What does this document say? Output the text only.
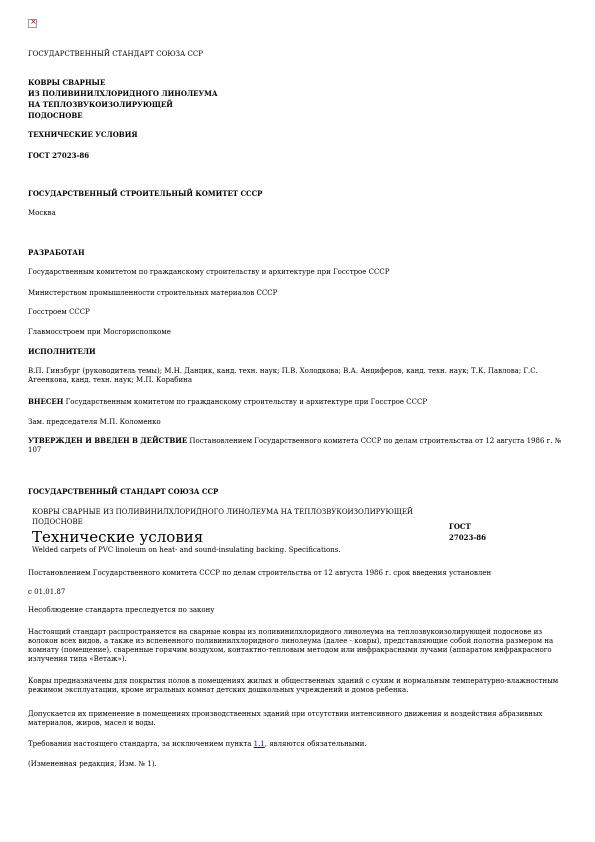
×
ГОСУДАРСТВЕННЫЙ СТАНДАРТ СОЮЗА ССР
КОВРЫ СВАРНЫЕ
ИЗ ПОЛИВИНИЛХЛОРИДНОГО ЛИНОЛЕУМА
НА ТЕПЛОЗВУКОИЗОЛИРУЮЩЕЙ
ПОДОСНОВЕ
ТЕХНИЧЕСКИЕ УСЛОВИЯ
ГОСТ 27023-86
ГОСУДАРСТВЕННЫЙ СТРОИТЕЛЬНЫЙ КОМИТЕТ СССР
Москва
РАЗРАБОТАН
Государственным комитетом по гражданскому строительству и архитектуре при Госстрое СССР
Министерством промышленности строительных материалов СССР
Госстроем СССР
Главмосстроем при Мосгорисполкоме
ИСПОЛНИТЕЛИ
В.П. Гинзбург (руководитель темы); М.Н. Данцик, канд. техн. наук; П.В. Холодкова; В.А. Анциферов, канд. техн. наук; Т.К. Павлова; Г.С. Агеенкова, канд. техн. наук; М.П. Корабина
ВНЕСЕН Государственным комитетом по гражданскому строительству и архитектуре при Госстрое СССР
Зам. председателя М.П. Коломенко
УТВЕРЖДЕН И ВВЕДЕН В ДЕЙСТВИЕ Постановлением Государственного комитета СССР по делам строительства от 12 августа 1986 г. № 107
ГОСУДАРСТВЕННЫЙ СТАНДАРТ СОЮЗА ССР
КОВРЫ СВАРНЫЕ ИЗ ПОЛИВИНИЛХЛОРИДНОГО ЛИНОЛЕУМА НА ТЕПЛОЗВУКОИЗОЛИРУЮЩЕЙ
ПОДОСНОВЕ
Технические условия
ГОСТ
27023-86
Welded carpets of PVC linoleum on heat- and sound-insulating backing. Specifications.
Постановлением Государственного комитета СССР по делам строительства от 12 августа 1986 г. срок введения установлен
с 01.01.87
Несоблюдение стандарта преследуется по закону
Настоящий стандарт распространяется на сварные ковры из поливинилхлоридного линолеума на теплозвукоизолирующей подоснове из волокон всех видов, а также из вспененного поливинилхлоридного линолеума (далее - ковры), представляющие собой полотна размером на комнату (помещение), сваренные горячим воздухом, контактно-тепловым методом или инфракрасными лучами (аппаратом инфракрасного излучения типа «Ветаж»).
Ковры предназначены для покрытия полов в помещениях жилых и общественных зданий с сухим и нормальным температурно-влажностным режимом эксплуатации, кроме игральных комнат детских дошкольных учреждений и домов ребенка.
Допускается их применение в помещениях производственных зданий при отсутствии интенсивного движения и воздействия абразивных материалов, жиров, масел и воды.
Требования настоящего стандарта, за исключением пункта 1.1, являются обязательными.
(Измененная редакция, Изм. № 1).
